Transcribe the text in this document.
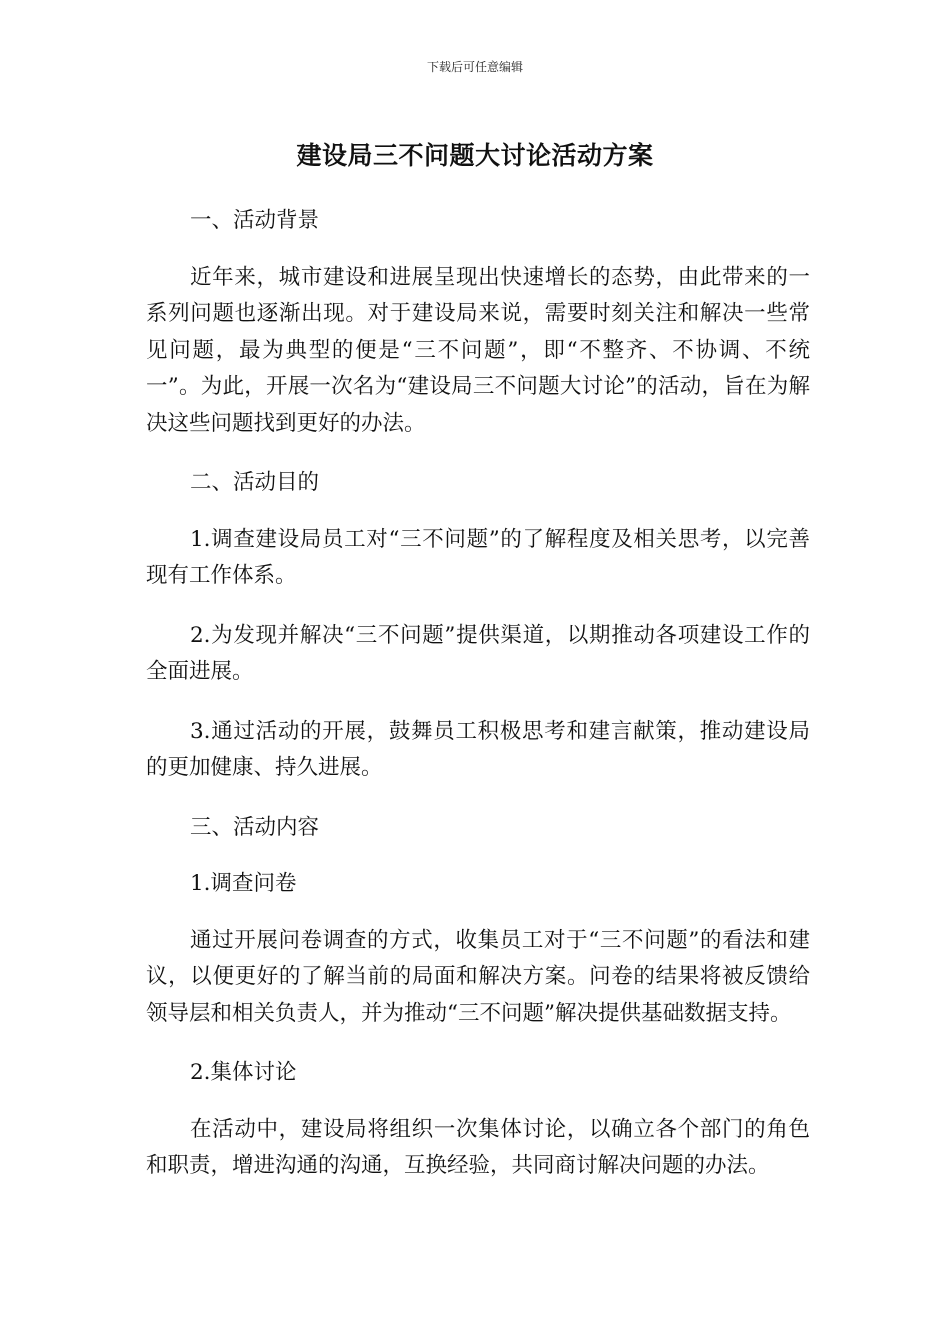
下载后可任意编辑
建设局三不问题大讨论活动方案

一、活动背景

近年来，城市建设和进展呈现出快速增长的态势，由此带来的一系列问题也逐渐出现。对于建设局来说，需要时刻关注和解决一些常见问题，最为典型的便是“三不问题”，即“不整齐、不协调、不统一”。为此，开展一次名为“建设局三不问题大讨论”的活动，旨在为解决这些问题找到更好的办法。

二、活动目的

1.调查建设局员工对“三不问题”的了解程度及相关思考，以完善现有工作体系。

2.为发现并解决“三不问题”提供渠道，以期推动各项建设工作的全面进展。

3.通过活动的开展，鼓舞员工积极思考和建言献策，推动建设局的更加健康、持久进展。

三、活动内容

1.调查问卷

通过开展问卷调查的方式，收集员工对于“三不问题”的看法和建议，以便更好的了解当前的局面和解决方案。问卷的结果将被反馈给领导层和相关负责人，并为推动“三不问题”解决提供基础数据支持。

2.集体讨论

在活动中，建设局将组织一次集体讨论，以确立各个部门的角色和职责，增进沟通的沟通，互换经验，共同商讨解决问题的办法。
